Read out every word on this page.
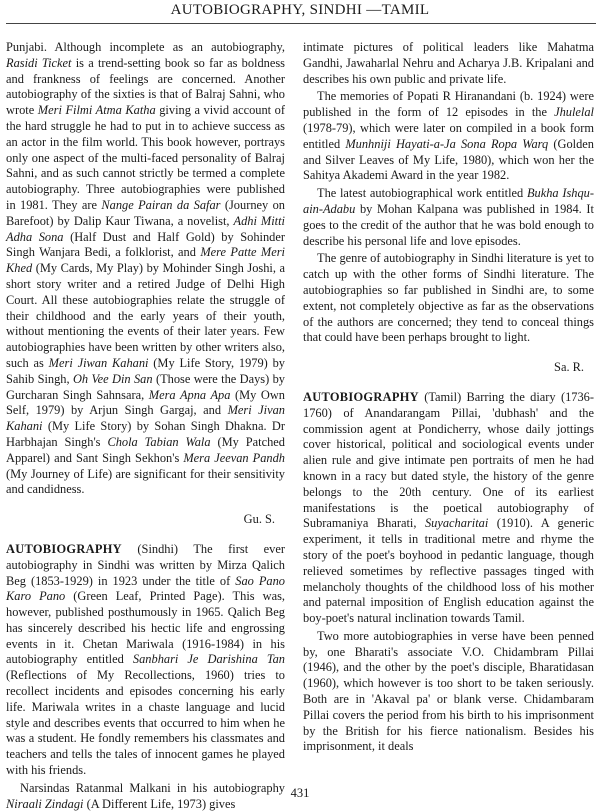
AUTOBIOGRAPHY, SINDHI —TAMIL

Punjabi. Although incomplete as an autobiography, Rasidi Ticket is a trend-setting book so far as boldness and frankness of feelings are concerned. Another autobiography of the sixties is that of Balraj Sahni, who wrote Meri Filmi Atma Katha giving a vivid account of the hard struggle he had to put in to achieve success as an actor in the film world. This book however, portrays only one aspect of the multi-faced personality of Balraj Sahni, and as such cannot strictly be termed a complete autobiography. Three autobiographies were published in 1981. They are Nange Pairan da Safar (Journey on Barefoot) by Dalip Kaur Tiwana, a novelist, Adhi Mitti Adha Sona (Half Dust and Half Gold) by Sohinder Singh Wanjara Bedi, a folklorist, and Mere Patte Meri Khed (My Cards, My Play) by Mohinder Singh Joshi, a short story writer and a retired Judge of Delhi High Court. All these autobiographies relate the struggle of their childhood and the early years of their youth, without mentioning the events of their later years. Few autobiographies have been written by other writers also, such as Meri Jiwan Kahani (My Life Story, 1979) by Sahib Singh, Oh Vee Din San (Those were the Days) by Gurcharan Singh Sahnsara, Mera Apna Apa (My Own Self, 1979) by Arjun Singh Gargaj, and Meri Jivan Kahani (My Life Story) by Sohan Singh Dhakna. Dr Harbhajan Singh's Chola Tabian Wala (My Patched Apparel) and Sant Singh Sekhon's Mera Jeevan Pandh (My Journey of Life) are significant for their sensitivity and candidness.

Gu. S.

AUTOBIOGRAPHY (Sindhi) The first ever autobiography in Sindhi was written by Mirza Qalich Beg (1853-1929) in 1923 under the title of Sao Pano Karo Pano (Green Leaf, Printed Page). This was, however, published posthumously in 1965. Qalich Beg has sincerely described his hectic life and engrossing events in it. Chetan Mariwala (1916-1984) in his autobiography entitled Sanbhari Je Darishina Tan (Reflections of My Recollections, 1960) tries to recollect incidents and episodes concerning his early life. Mariwala writes in a chaste language and lucid style and describes events that occurred to him when he was a student. He fondly remembers his classmates and teachers and tells the tales of innocent games he played with his friends.

Narsindas Ratanmal Malkani in his autobiography Niraali Zindagi (A Different Life, 1973) gives

intimate pictures of political leaders like Mahatma Gandhi, Jawaharlal Nehru and Acharya J.B. Kripalani and describes his own public and private life.

The memories of Popati R Hiranandani (b. 1924) were published in the form of 12 episodes in the Jhulelal (1978-79), which were later on compiled in a book form entitled Munhniji Hayati-a-Ja Sona Ropa Warq (Golden and Silver Leaves of My Life, 1980), which won her the Sahitya Akademi Award in the year 1982.

The latest autobiographical work entitled Bukha Ishqu-ain-Adabu by Mohan Kalpana was published in 1984. It goes to the credit of the author that he was bold enough to describe his personal life and love episodes.

The genre of autobiography in Sindhi literature is yet to catch up with the other forms of Sindhi literature. The autobiographies so far published in Sindhi are, to some extent, not completely objective as far as the observations of the authors are concerned; they tend to conceal things that could have been perhaps brought to light.

Sa. R.

AUTOBIOGRAPHY (Tamil) Barring the diary (1736-1760) of Anandarangam Pillai, 'dubhash' and the commission agent at Pondicherry, whose daily jottings cover historical, political and sociological events under alien rule and give intimate pen portraits of men he had known in a racy but dated style, the history of the genre belongs to the 20th century. One of its earliest manifestations is the poetical autobiography of Subramaniya Bharati, Suyacharitai (1910). A generic experiment, it tells in traditional metre and rhyme the story of the poet's boyhood in pedantic language, though relieved sometimes by reflective passages tinged with melancholy thoughts of the childhood loss of his mother and paternal imposition of English education against the boy-poet's natural inclination towards Tamil.

Two more autobiographies in verse have been penned by, one Bharati's associate V.O. Chidambram Pillai (1946), and the other by the poet's disciple, Bharatidasan (1960), which however is too short to be taken seriously. Both are in 'Akaval pa' or blank verse. Chidambaram Pillai covers the period from his birth to his imprisonment by the British for his fierce nationalism. Besides his imprisonment, it deals

431
